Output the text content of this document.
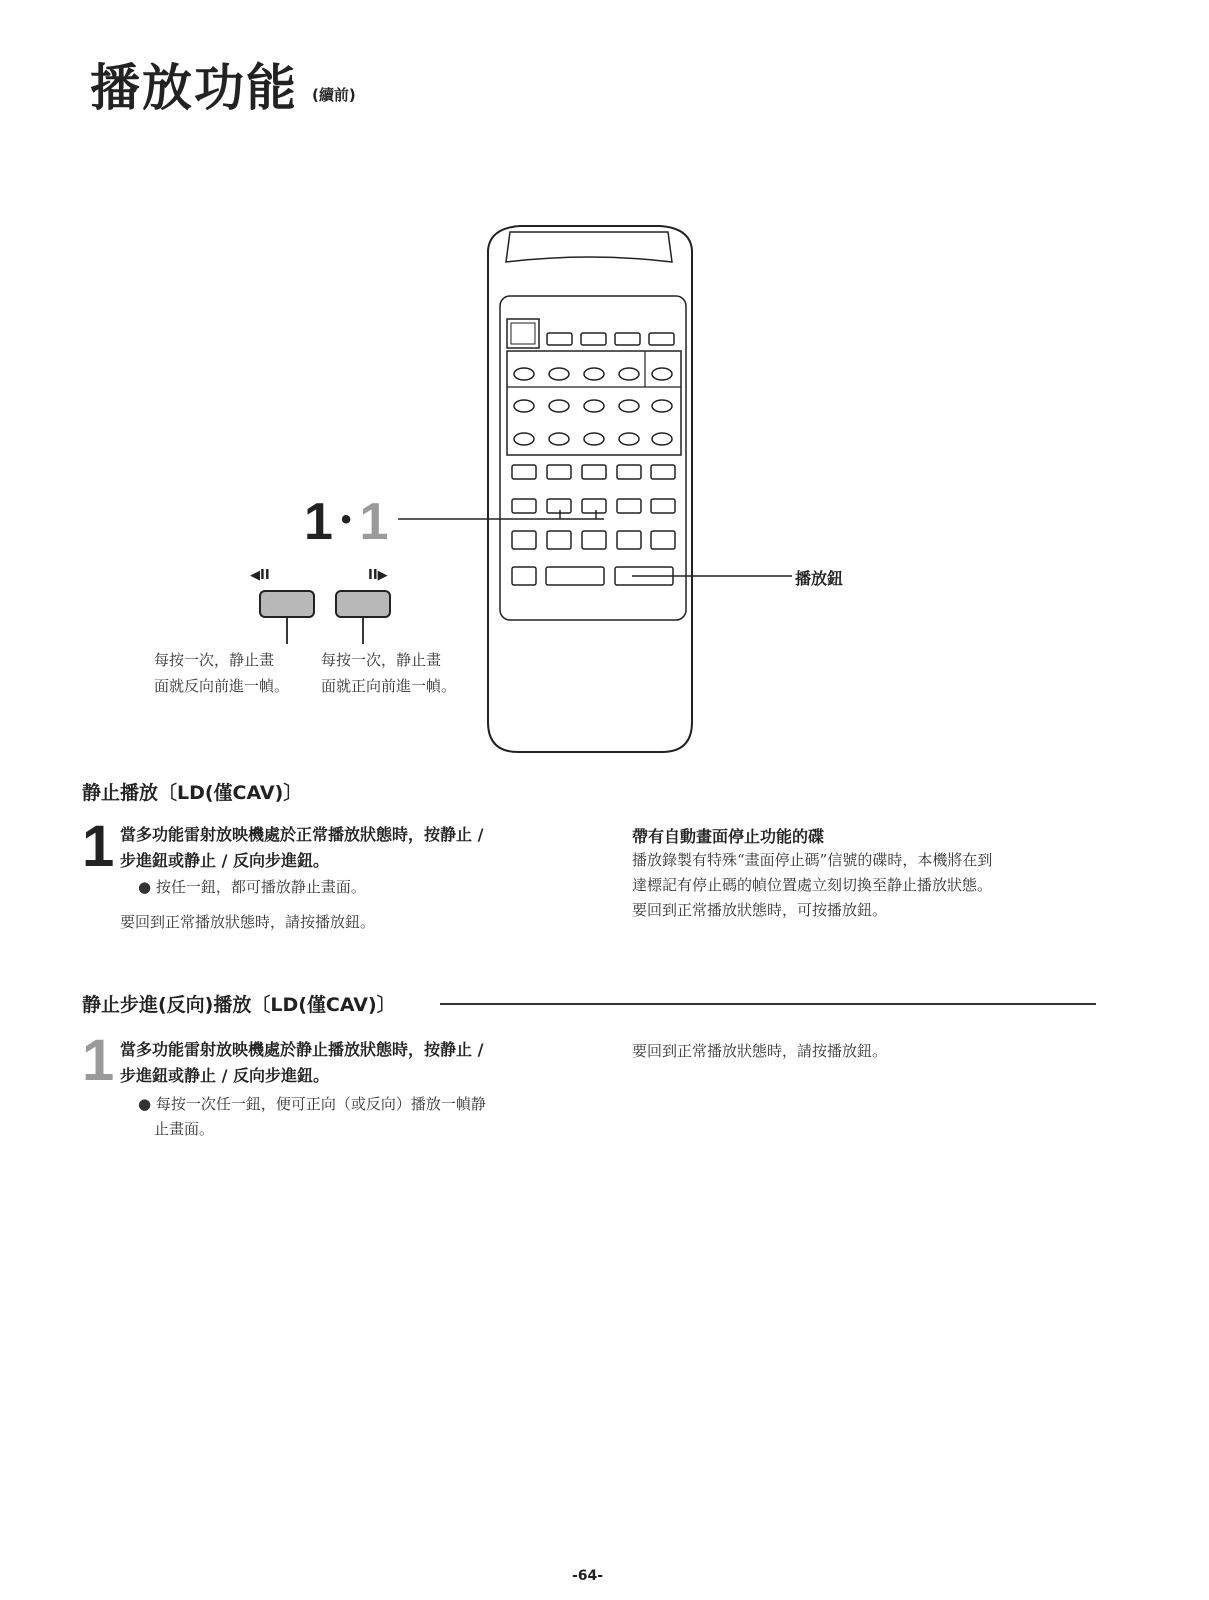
播放功能 (續前)
1 • 1
◀II	II▶	播放鈕
每按一次，静止畫
面就反向前進一幀。
每按一次，静止畫
面就正向前進一幀。
静止播放〔LD(僅CAV)〕
1 當多功能雷射放映機處於正常播放狀態時，按静止 /
步進鈕或静止 / 反向步進鈕。
● 按任一鈕，都可播放静止畫面。
要回到正常播放狀態時，請按播放鈕。
帶有自動畫面停止功能的碟
播放錄製有特殊“畫面停止碼”信號的碟時，本機將在到
達標記有停止碼的幀位置處立刻切換至静止播放狀態。
要回到正常播放狀態時，可按播放鈕。
静止步進(反向)播放〔LD(僅CAV)〕
1 當多功能雷射放映機處於静止播放狀態時，按静止 /
步進鈕或静止 / 反向步進鈕。
● 每按一次任一鈕，便可正向（或反向）播放一幀静
止畫面。
要回到正常播放狀態時，請按播放鈕。
-64-
